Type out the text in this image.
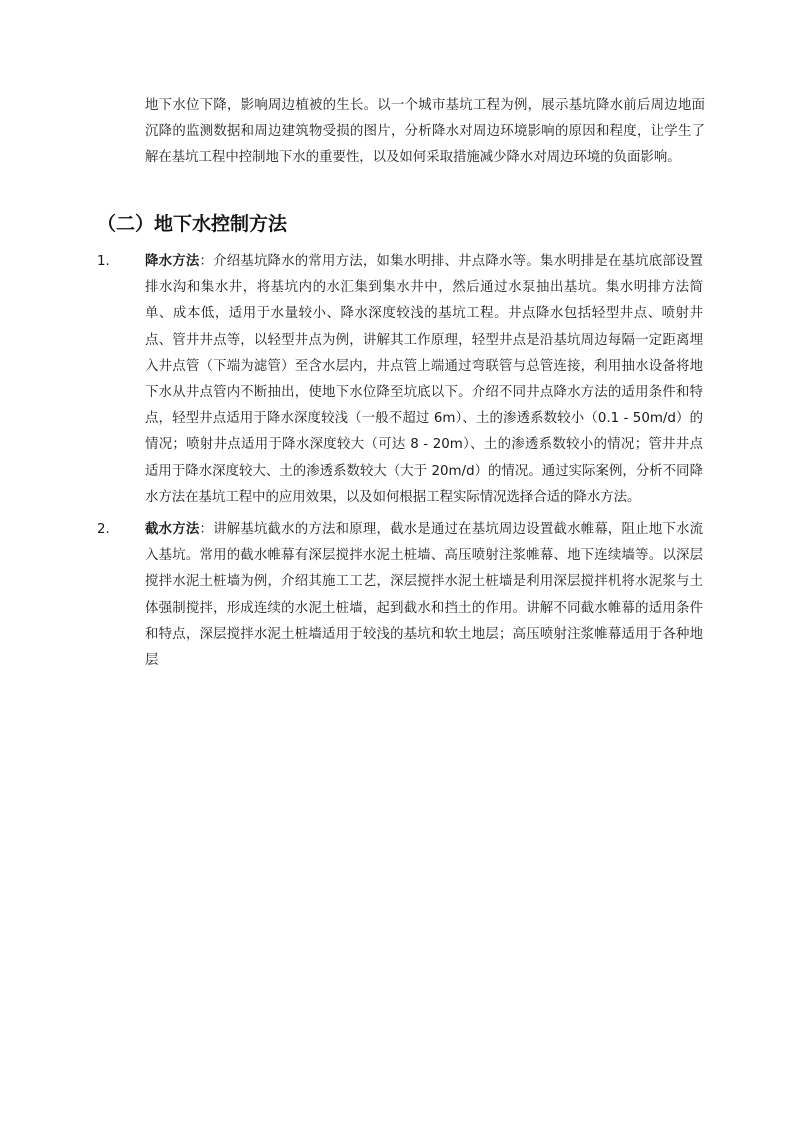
地下水位下降，影响周边植被的生长。以一个城市基坑工程为例，展示基坑降水前后周边地面沉降的监测数据和周边建筑物受损的图片，分析降水对周边环境影响的原因和程度，让学生了解在基坑工程中控制地下水的重要性，以及如何采取措施减少降水对周边环境的负面影响。

（二）地下水控制方法
1.	降水方法：介绍基坑降水的常用方法，如集水明排、井点降水等。集水明排是在基坑底部设置排水沟和集水井，将基坑内的水汇集到集水井中，然后通过水泵抽出基坑。集水明排方法简单、成本低，适用于水量较小、降水深度较浅的基坑工程。井点降水包括轻型井点、喷射井点、管井井点等，以轻型井点为例，讲解其工作原理，轻型井点是沿基坑周边每隔一定距离埋入井点管（下端为滤管）至含水层内，井点管上端通过弯联管与总管连接，利用抽水设备将地下水从井点管内不断抽出，使地下水位降至坑底以下。介绍不同井点降水方法的适用条件和特点，轻型井点适用于降水深度较浅（一般不超过 6m）、土的渗透系数较小（0.1 - 50m/d）的情况；喷射井点适用于降水深度较大（可达 8 - 20m）、土的渗透系数较小的情况；管井井点适用于降水深度较大、土的渗透系数较大（大于 20m/d）的情况。通过实际案例，分析不同降水方法在基坑工程中的应用效果，以及如何根据工程实际情况选择合适的降水方法。

2.	截水方法：讲解基坑截水的方法和原理，截水是通过在基坑周边设置截水帷幕，阻止地下水流入基坑。常用的截水帷幕有深层搅拌水泥土桩墙、高压喷射注浆帷幕、地下连续墙等。以深层搅拌水泥土桩墙为例，介绍其施工工艺，深层搅拌水泥土桩墙是利用深层搅拌机将水泥浆与土体强制搅拌，形成连续的水泥土桩墙，起到截水和挡土的作用。讲解不同截水帷幕的适用条件和特点，深层搅拌水泥土桩墙适用于较浅的基坑和软土地层；高压喷射注浆帷幕适用于各种地层
